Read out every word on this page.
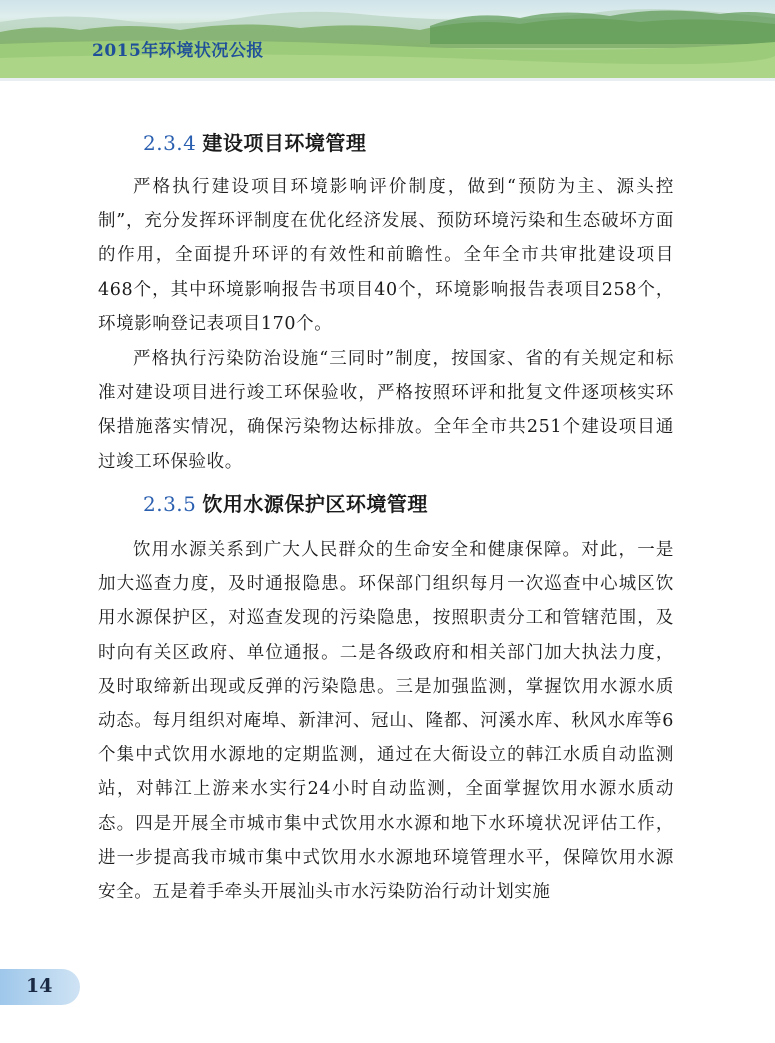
2015年环境状况公报
2.3.4 建设项目环境管理

严格执行建设项目环境影响评价制度，做到“预防为主、源头控制”，充分发挥环评制度在优化经济发展、预防环境污染和生态破坏方面的作用，全面提升环评的有效性和前瞻性。全年全市共审批建设项目468个，其中环境影响报告书项目40个，环境影响报告表项目258个，环境影响登记表项目170个。

严格执行污染防治设施“三同时”制度，按国家、省的有关规定和标准对建设项目进行竣工环保验收，严格按照环评和批复文件逐项核实环保措施落实情况，确保污染物达标排放。全年全市共251个建设项目通过竣工环保验收。

2.3.5 饮用水源保护区环境管理

饮用水源关系到广大人民群众的生命安全和健康保障。对此，一是加大巡查力度，及时通报隐患。环保部门组织每月一次巡查中心城区饮用水源保护区，对巡查发现的污染隐患，按照职责分工和管辖范围，及时向有关区政府、单位通报。二是各级政府和相关部门加大执法力度，及时取缔新出现或反弹的污染隐患。三是加强监测，掌握饮用水源水质动态。每月组织对庵埠、新津河、冠山、隆都、河溪水库、秋风水库等6个集中式饮用水源地的定期监测，通过在大衙设立的韩江水质自动监测站，对韩江上游来水实行24小时自动监测，全面掌握饮用水源水质动态。四是开展全市城市集中式饮用水水源和地下水环境状况评估工作，进一步提高我市城市集中式饮用水水源地环境管理水平，保障饮用水源安全。五是着手牵头开展汕头市水污染防治行动计划实施

14
